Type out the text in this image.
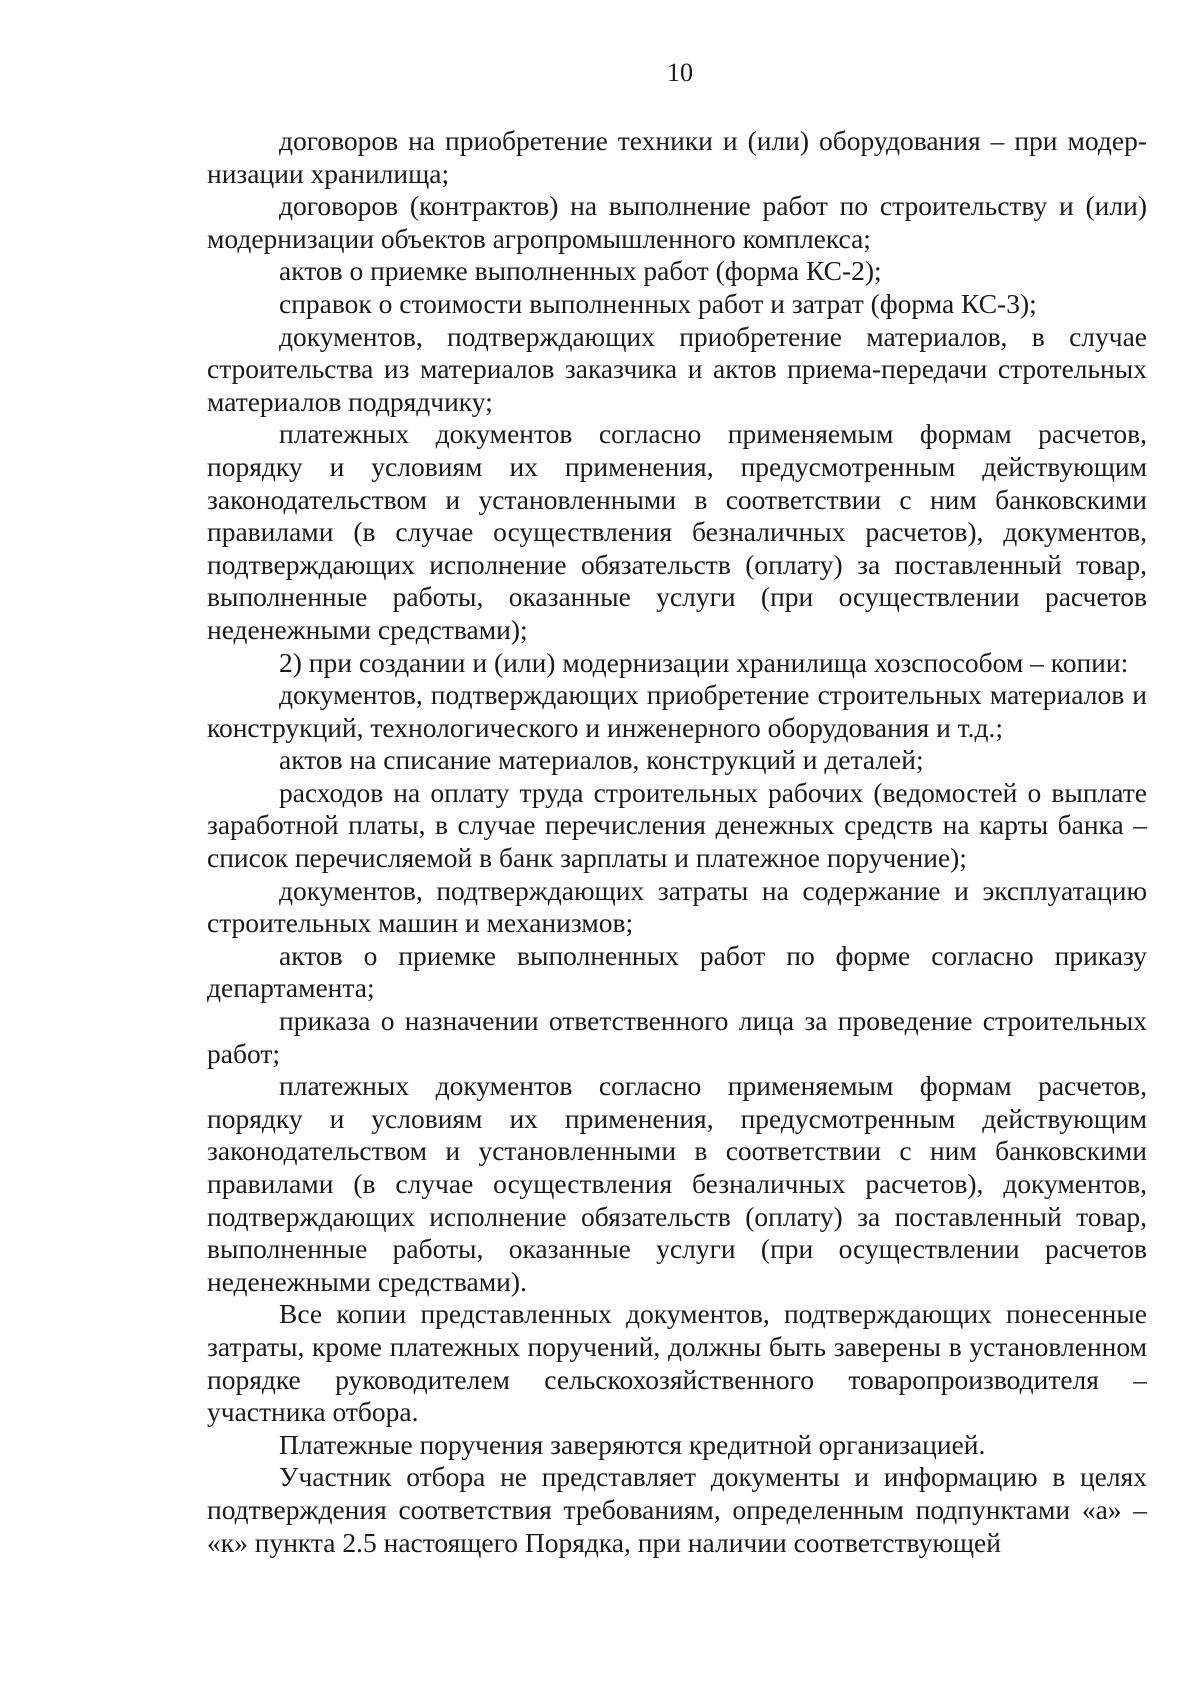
10

договоров на приобретение техники и (или) оборудования – при модернизации хранилища;

договоров (контрактов) на выполнение работ по строительству и (или) модернизации объектов агропромышленного комплекса;

актов о приемке выполненных работ (форма КС-2);

справок о стоимости выполненных работ и затрат (форма КС-3);

документов, подтверждающих приобретение материалов, в случае строительства из материалов заказчика и актов приема-передачи стротельных материалов подрядчику;

платежных документов согласно применяемым формам расчетов, порядку и условиям их применения, предусмотренным действующим законодательством и установленными в соответствии с ним банковскими правилами (в случае осуществления безналичных расчетов), документов, подтверждающих исполнение обязательств (оплату) за поставленный товар, выполненные работы, оказанные услуги (при осуществлении расчетов неденежными средствами);

2) при создании и (или) модернизации хранилища хозспособом – копии:

документов, подтверждающих приобретение строительных материалов и конструкций, технологического и инженерного оборудования и т.д.;

актов на списание материалов, конструкций и деталей;

расходов на оплату труда строительных рабочих (ведомостей о выплате заработной платы, в случае перечисления денежных средств на карты банка – список перечисляемой в банк зарплаты и платежное поручение);

документов, подтверждающих затраты на содержание и эксплуатацию строительных машин и механизмов;

актов о приемке выполненных работ по форме согласно приказу департамента;

приказа о назначении ответственного лица за проведение строительных работ;

платежных документов согласно применяемым формам расчетов, порядку и условиям их применения, предусмотренным действующим законодательством и установленными в соответствии с ним банковскими правилами (в случае осуществления безналичных расчетов), документов, подтверждающих исполнение обязательств (оплату) за поставленный товар, выполненные работы, оказанные услуги (при осуществлении расчетов неденежными средствами).

Все копии представленных документов, подтверждающих понесенные затраты, кроме платежных поручений, должны быть заверены в установленном порядке руководителем сельскохозяйственного товаропроизводителя – участника отбора.

Платежные поручения заверяются кредитной организацией.

Участник отбора не представляет документы и информацию в целях подтверждения соответствия требованиям, определенным подпунктами «а» – «к» пункта 2.5 настоящего Порядка, при наличии соответствующей
